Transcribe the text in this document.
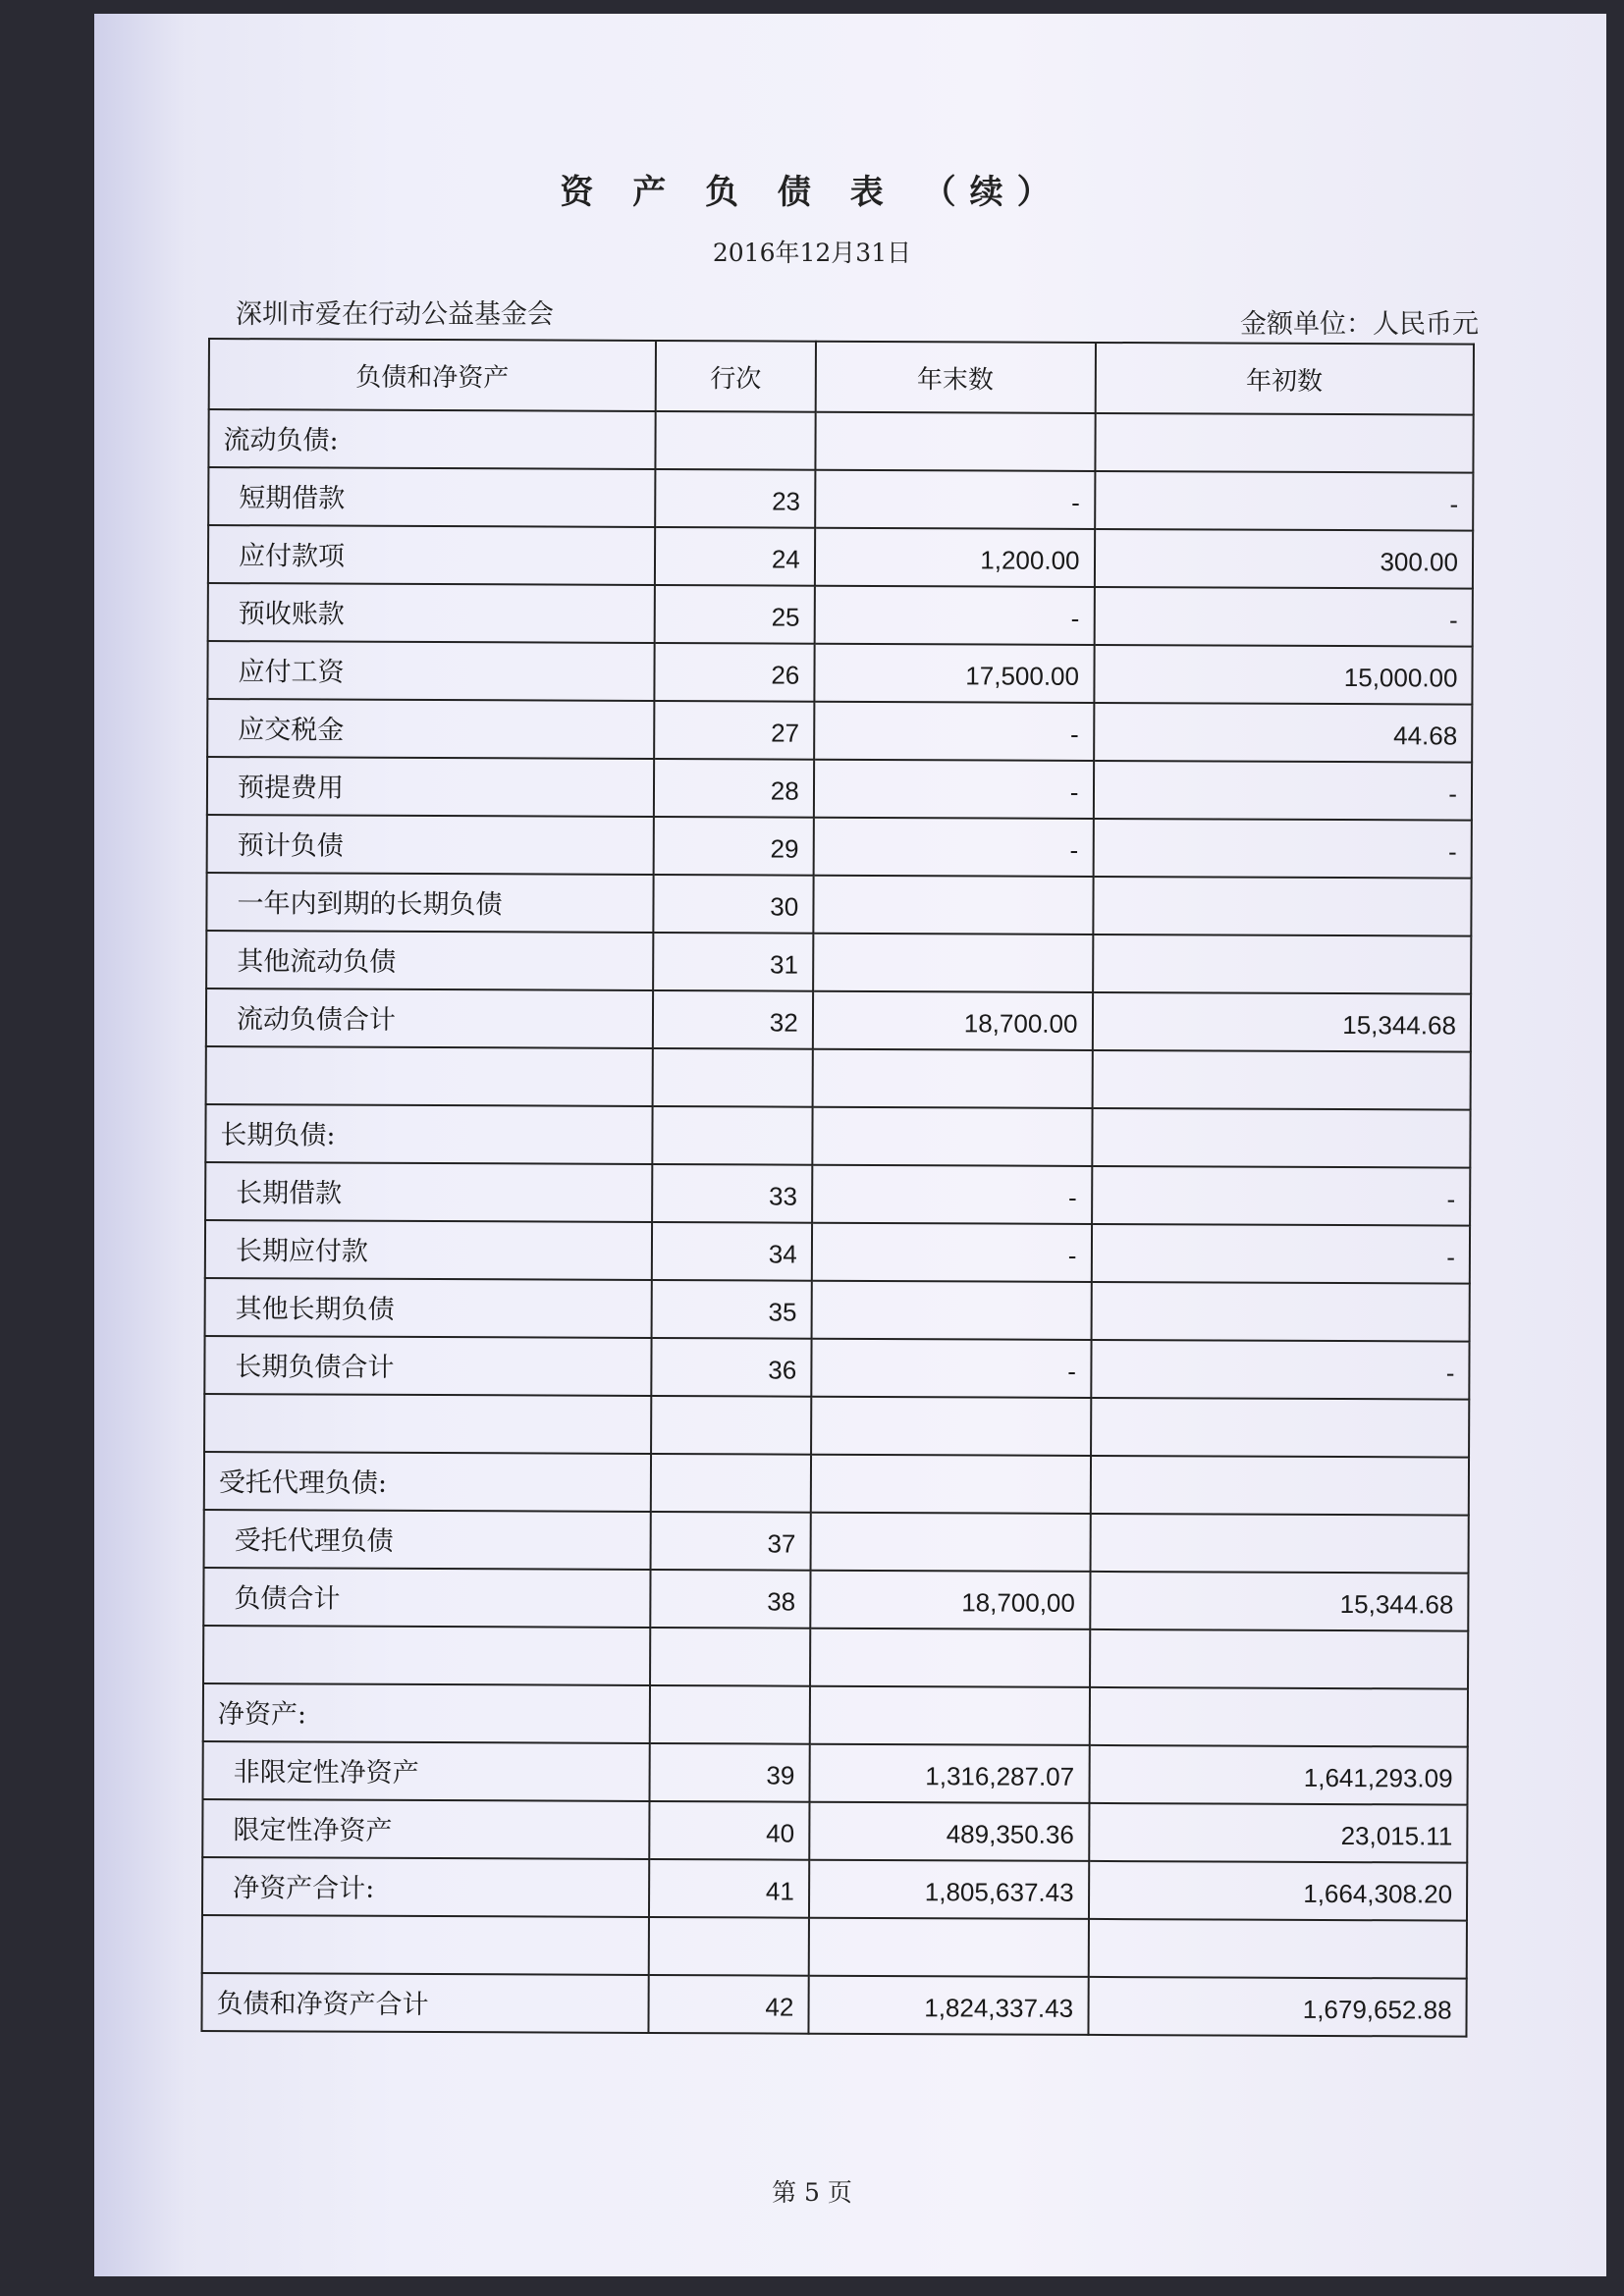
资 产 负 债 表 （续）
2016年12月31日
深圳市爱在行动公益基金会	金额单位：人民币元
负债和净资产	行次	年末数	年初数
流动负债:			
短期借款	23	-	-
应付款项	24	1,200.00	300.00
预收账款	25	-	-
应付工资	26	17,500.00	15,000.00
应交税金	27	-	44.68
预提费用	28	-	-
预计负债	29	-	-
一年内到期的长期负债	30		
其他流动负债	31		
流动负债合计	32	18,700.00	15,344.68

长期负债:			
长期借款	33	-	-
长期应付款	34	-	-
其他长期负债	35		
长期负债合计	36	-	-

受托代理负债:			
受托代理负债	37		
负债合计	38	18,700,00	15,344.68

净资产:			
非限定性净资产	39	1,316,287.07	1,641,293.09
限定性净资产	40	489,350.36	23,015.11
净资产合计:	41	1,805,637.43	1,664,308.20

负债和净资产合计	42	1,824,337.43	1,679,652.88
第 5 页
